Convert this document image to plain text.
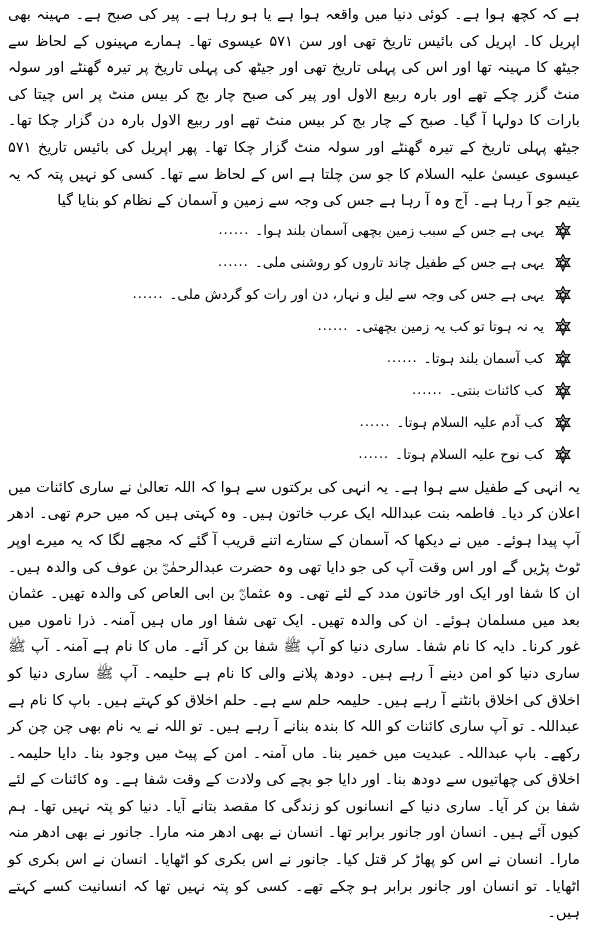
ہے کہ کچھ ہوا ہے۔ کوئی دنیا میں واقعہ ہوا ہے یا ہو رہا ہے۔ پیر کی صبح ہے۔ مہینہ بھی اپریل کا۔ اپریل کی بائیس تاریخ تھی اور سن ۵۷۱ عیسوی تھا۔ ہمارے مہینوں کے لحاظ سے جیٹھ کا مہینہ تھا اور اس کی پہلی تاریخ تھی اور جیٹھ کی پہلی تاریخ پر تیرہ گھنٹے اور سولہ منٹ گزر چکے تھے اور بارہ ربیع الاول اور پیر کی صبح چار بج کر بیس منٹ پر اس چیتا کی بارات کا دولہا آ گیا۔ صبح کے چار بج کر بیس منٹ تھے اور ربیع الاول بارہ دن گزار چکا تھا۔ جیٹھ پہلی تاریخ کے تیرہ گھنٹے اور سولہ منٹ گزار چکا تھا۔ پھر اپریل کی بائیس تاریخ ۵۷۱ عیسوی عیسیٰ علیہ السلام کا جو سن چلتا ہے اس کے لحاظ سے تھا۔ کسی کو نہیں پتہ کہ یہ یتیم جو آ رہا ہے۔ آج وہ آ رہا ہے جس کی وجہ سے زمین و آسمان کے نظام کو بنایا گیا

یہی ہے جس کے سبب زمین بچھی آسمان بلند ہوا۔
......
یہی ہے جس کے طفیل چاند تاروں کو روشنی ملی۔
......
یہی ہے جس کی وجہ سے لیل و نہار، دن اور رات کو گردش ملی۔
......
یہ نہ ہوتا تو کب یہ زمین بچھتی۔
......
کب آسمان بلند ہوتا۔
......
کب کائنات بنتی۔
......
کب آدم علیہ السلام ہوتا۔
......
کب نوح علیہ السلام ہوتا۔
......

یہ انہی کے طفیل سے ہوا ہے۔ یہ انہی کی برکتوں سے ہوا کہ اللہ تعالیٰ نے ساری کائنات میں اعلان کر دیا۔ فاطمہ بنت عبداللہ ایک عرب خاتون ہیں۔ وہ کہتی ہیں کہ میں حرم تھی۔ ادھر آپ پیدا ہوئے۔ میں نے دیکھا کہ آسمان کے ستارے اتنے قریب آ گئے کہ مجھے لگا کہ یہ میرے اوپر ٹوٹ پڑیں گے اور اس وقت آپ کی جو دایا تھی وہ حضرت عبدالرحمٰنؓ بن عوف کی والدہ ہیں۔ ان کا شفا اور ایک اور خاتون مدد کے لئے تھی۔ وہ عثمانؓ بن ابی العاص کی والدہ تھیں۔ عثمان بعد میں مسلمان ہوئے۔ ان کی والدہ تھیں۔ ایک تھی شفا اور ماں ہیں آمنہ۔ ذرا ناموں میں غور کرنا۔ دایہ کا نام شفا۔ ساری دنیا کو آپ ﷺ شفا بن کر آئے۔ ماں کا نام ہے آمنہ۔ آپ ﷺ ساری دنیا کو امن دینے آ رہے ہیں۔ دودھ پلانے والی کا نام ہے حلیمہ۔ آپ ﷺ ساری دنیا کو اخلاق کی اخلاق بانٹنے آ رہے ہیں۔ حلیمہ حلم سے ہے۔ حلم اخلاق کو کہتے ہیں۔ باپ کا نام ہے عبداللہ۔ تو آپ ساری کائنات کو اللہ کا بندہ بنانے آ رہے ہیں۔ تو اللہ نے یہ نام بھی چن چن کر رکھے۔ باپ عبداللہ۔ عبدیت میں خمیر بنا۔ ماں آمنہ۔ امن کے پیٹ میں وجود بنا۔ دایا حلیمہ۔ اخلاق کی چھاتیوں سے دودھ بنا۔ اور دایا جو بچے کی ولادت کے وقت شفا ہے۔ وہ کائنات کے لئے شفا بن کر آیا۔ ساری دنیا کے انسانوں کو زندگی کا مقصد بتانے آیا۔ دنیا کو پتہ نہیں تھا۔ ہم کیوں آئے ہیں۔ انسان اور جانور برابر تھا۔ انسان نے بھی ادھر منہ مارا۔ جانور نے بھی ادھر منہ مارا۔ انسان نے اس کو پھاڑ کر قتل کیا۔ جانور نے اس بکری کو اٹھایا۔ انسان نے اس بکری کو اٹھایا۔ تو انسان اور جانور برابر ہو چکے تھے۔ کسی کو پتہ نہیں تھا کہ انسانیت کسے کہتے ہیں۔
